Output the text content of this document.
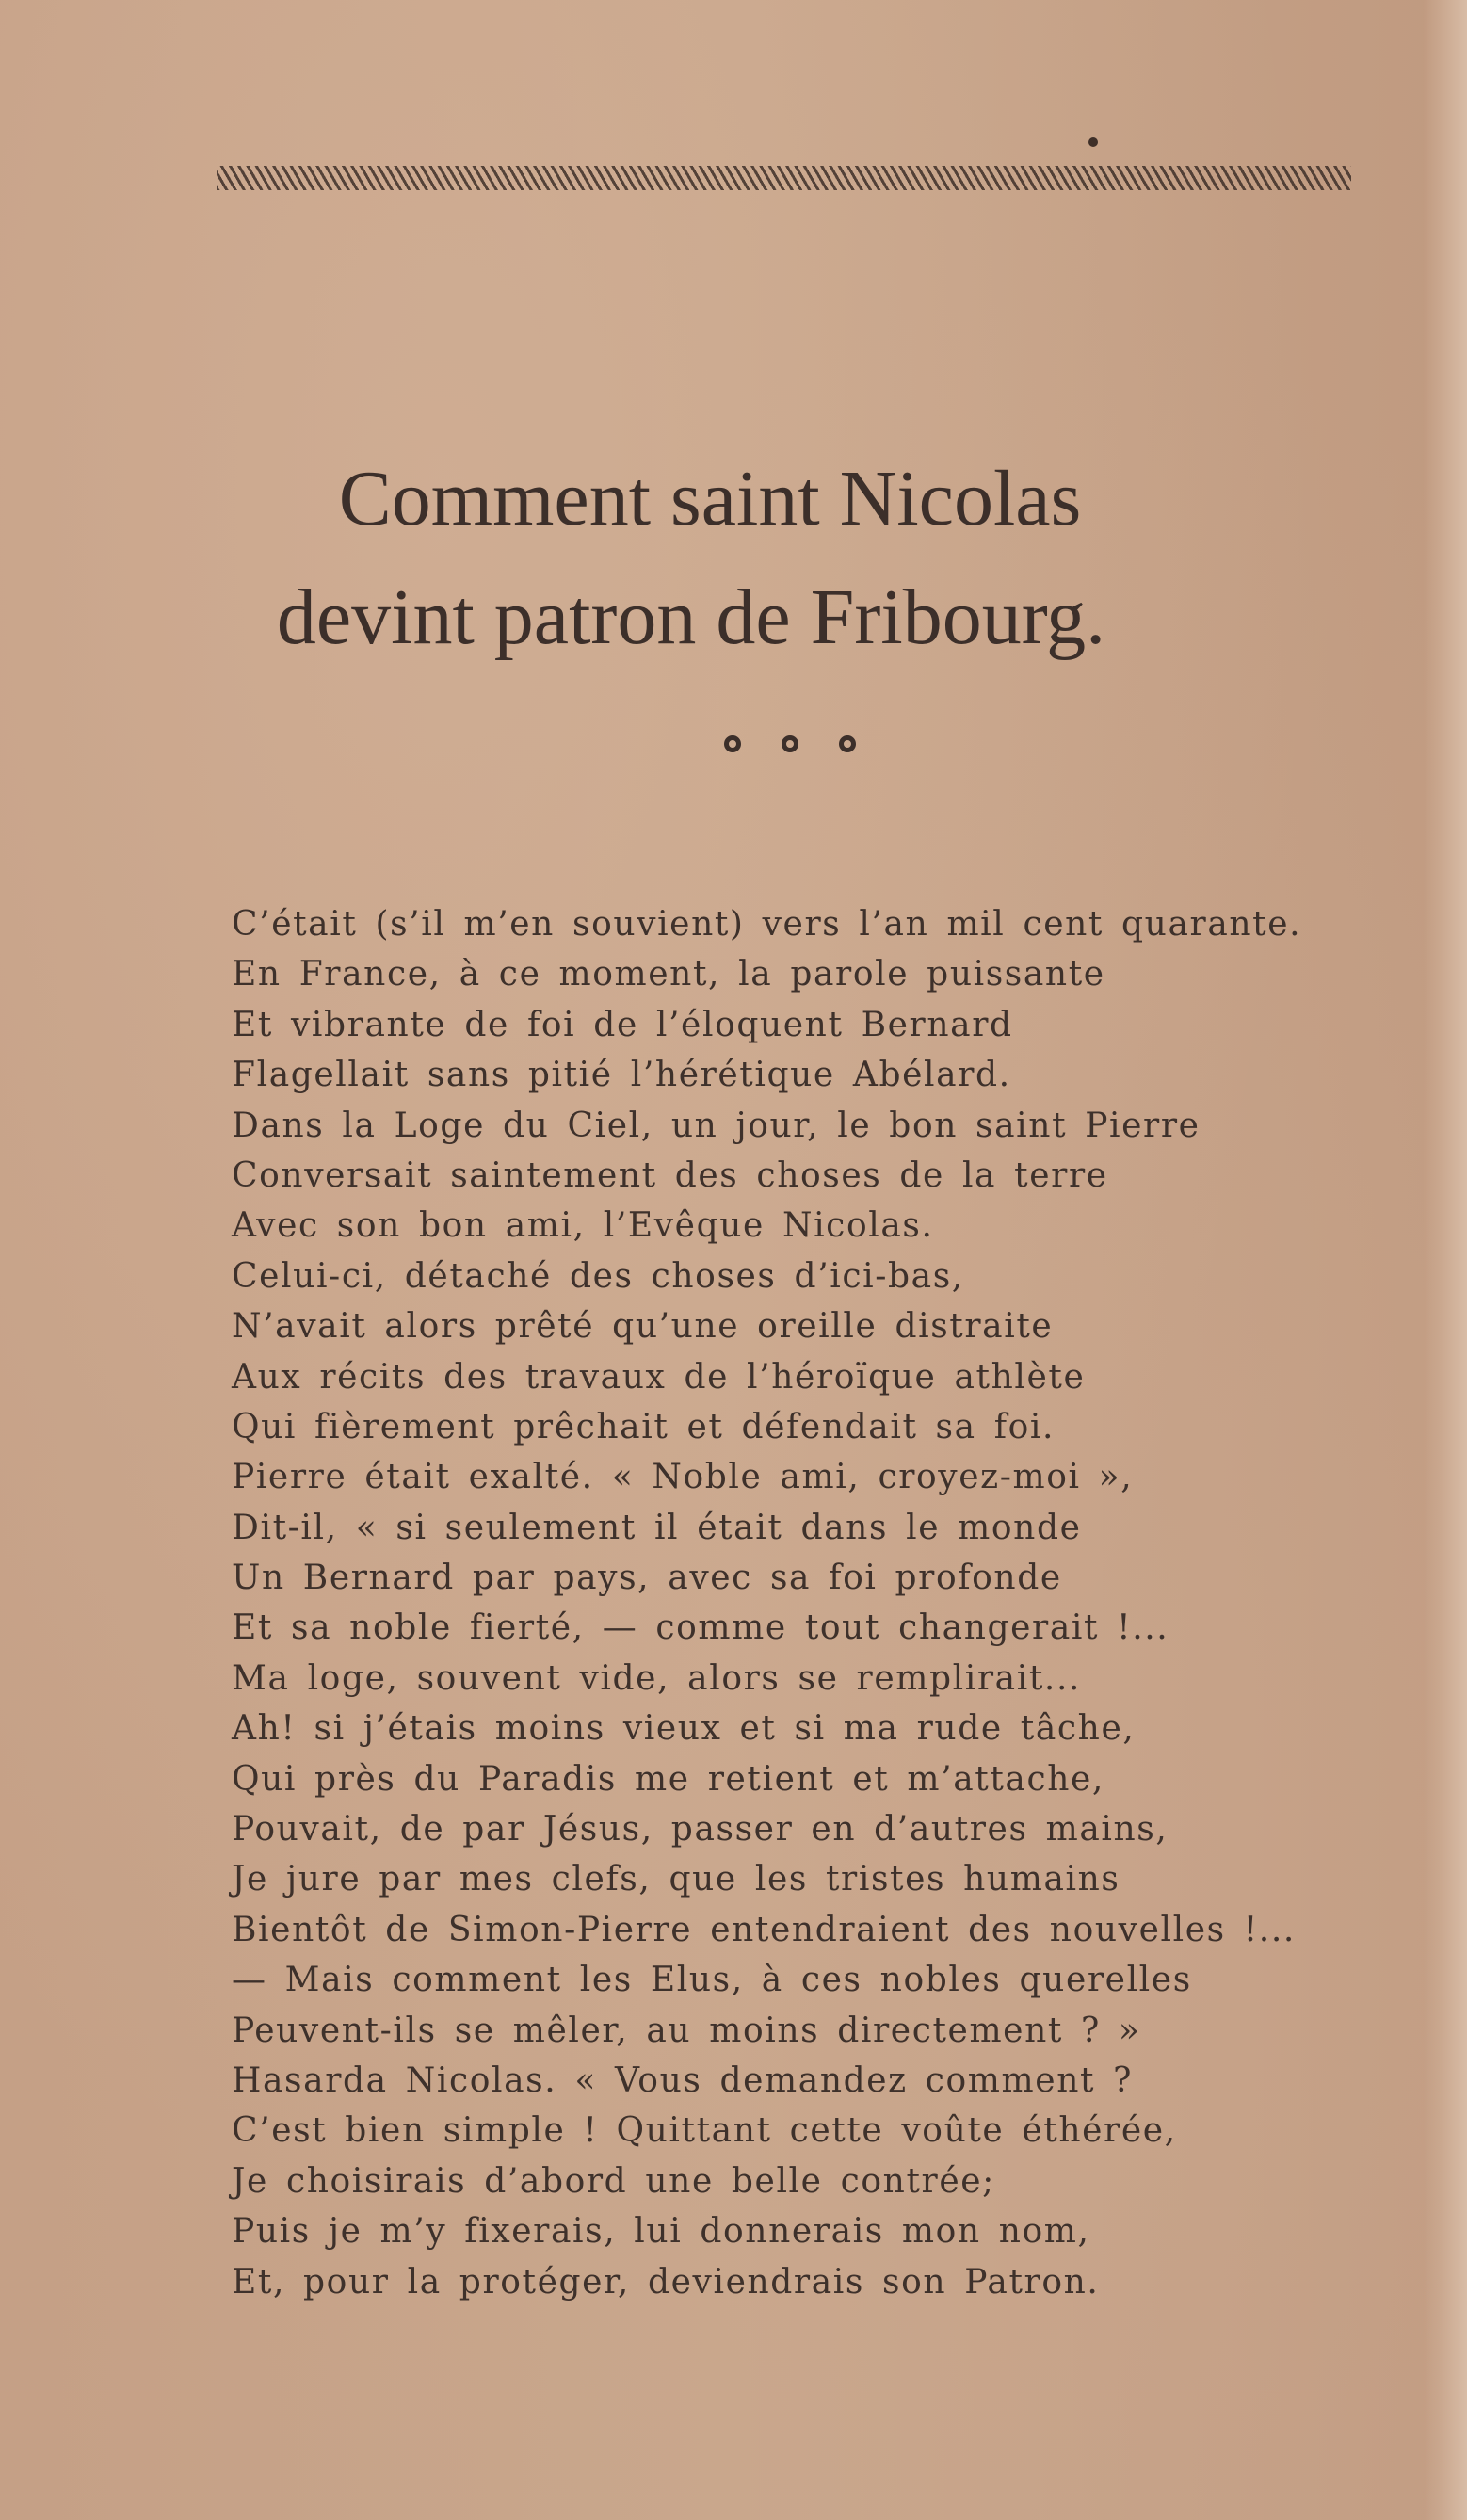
Comment saint Nicolas
devint patron de Fribourg.
C’était (s’il m’en souvient) vers l’an mil cent quarante.
En France, à ce moment, la parole puissante
Et vibrante de foi de l’éloquent Bernard
Flagellait sans pitié l’hérétique Abélard.
Dans la Loge du Ciel, un jour, le bon saint Pierre
Conversait saintement des choses de la terre
Avec son bon ami, l’Evêque Nicolas.
Celui-ci, détaché des choses d’ici-bas,
N’avait alors prêté qu’une oreille distraite
Aux récits des travaux de l’héroïque athlète
Qui fièrement prêchait et défendait sa foi.
Pierre était exalté. « Noble ami, croyez-moi »,
Dit-il, « si seulement il était dans le monde
Un Bernard par pays, avec sa foi profonde
Et sa noble fierté, — comme tout changerait !...
Ma loge, souvent vide, alors se remplirait...
Ah! si j’étais moins vieux et si ma rude tâche,
Qui près du Paradis me retient et m’attache,
Pouvait, de par Jésus, passer en d’autres mains,
Je jure par mes clefs, que les tristes humains
Bientôt de Simon-Pierre entendraient des nouvelles !...
— Mais comment les Elus, à ces nobles querelles
Peuvent-ils se mêler, au moins directement ? »
Hasarda Nicolas. « Vous demandez comment ?
C’est bien simple ! Quittant cette voûte éthérée,
Je choisirais d’abord une belle contrée;
Puis je m’y fixerais, lui donnerais mon nom,
Et, pour la protéger, deviendrais son Patron.
